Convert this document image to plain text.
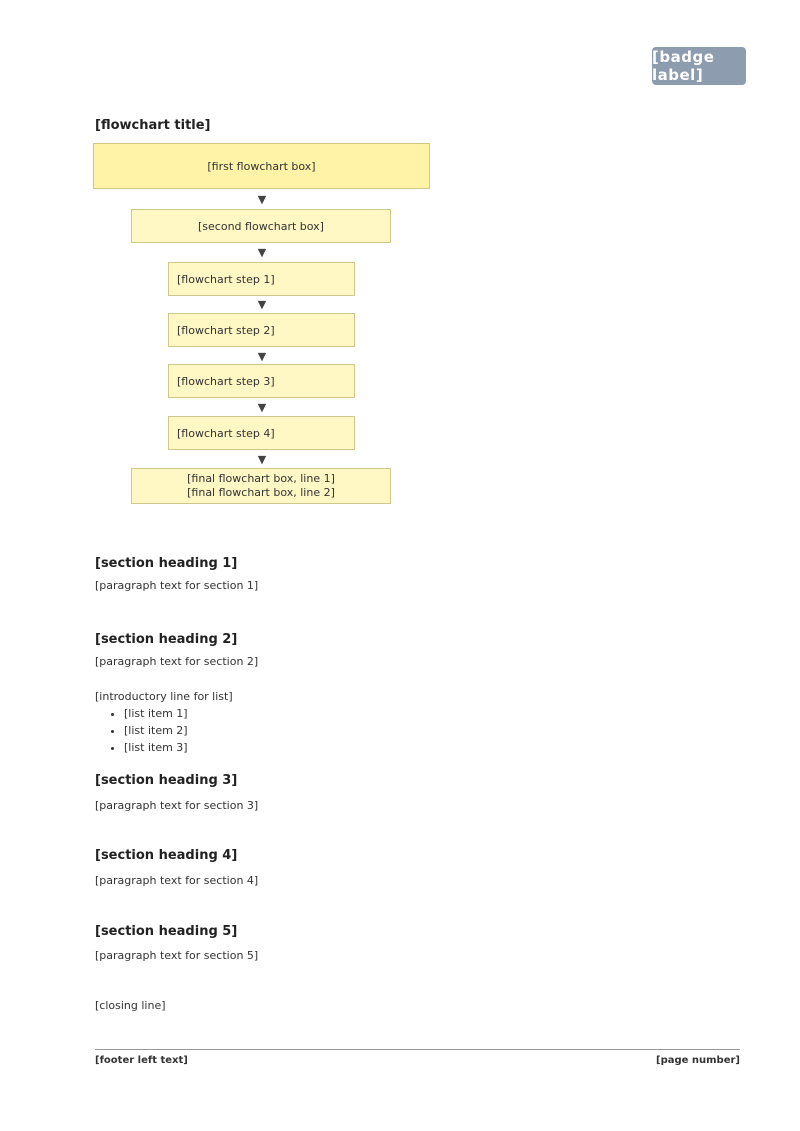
[badge label]
[flowchart title]
[first flowchart box]
▼
[second flowchart box]
▼
[flowchart step 1]
▼
[flowchart step 2]
▼
[flowchart step 3]
▼
[flowchart step 4]
▼
[final flowchart box, line 1]
[final flowchart box, line 2]
[section heading 1]

[paragraph text for section 1]

[section heading 2]

[paragraph text for section 2]

[introductory line for list]

• [list item 1]
• [list item 2]
• [list item 3]
[section heading 3]

[paragraph text for section 3]

[section heading 4]

[paragraph text for section 4]

[section heading 5]

[paragraph text for section 5]

[closing line]

[footer left text]	[page number]
